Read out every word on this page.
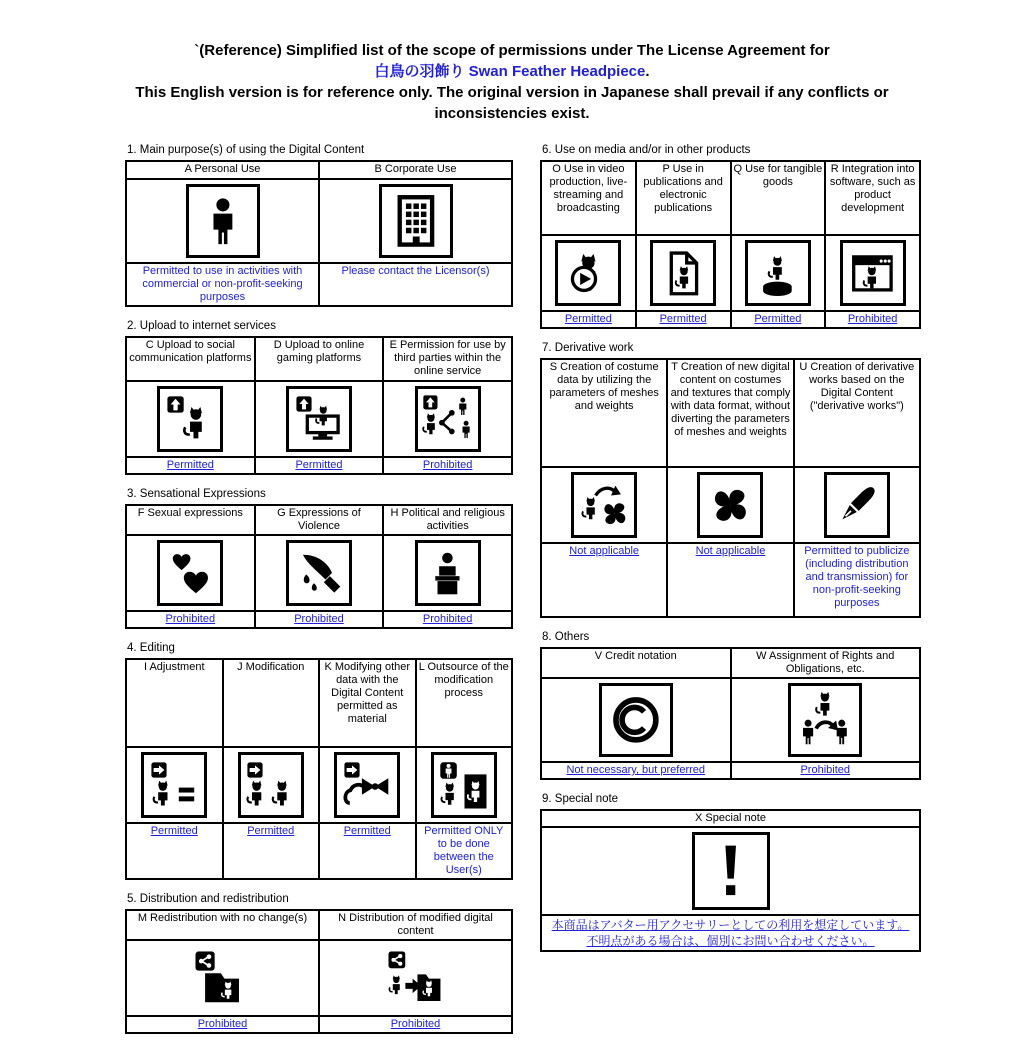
`(Reference) Simplified list of the scope of permissions under The License Agreement for
白鳥の羽飾り Swan Feather Headpiece.
This English version is for reference only. The original version in Japanese shall prevail if any conflicts or inconsistencies exist.
1. Main purpose(s) of using the Digital Content
A Personal Use	B Corporate Use

Permitted to use in activities with commercial or non-profit-seeking purposes	Please contact the Licensor(s)
2. Upload to internet services
C Upload to social communication platforms	D Upload to online gaming platforms	E Permission for use by third parties within the online service

Permitted	Permitted	Prohibited
3. Sensational Expressions
F Sexual expressions	G Expressions of Violence	H Political and religious activities

Prohibited	Prohibited	Prohibited
4. Editing
I Adjustment	J Modification	K Modifying other data with the Digital Content permitted as material	L Outsource of the modification process

Permitted	Permitted	Permitted	Permitted ONLY to be done between the User(s)
5. Distribution and redistribution
M Redistribution with no change(s)	N Distribution of modified digital content

Prohibited	Prohibited
6. Use on media and/or in other products
O Use in video production, live-streaming and broadcasting	P Use in publications and electronic publications	Q Use for tangible goods	R Integration into software, such as product development

Permitted	Permitted	Permitted	Prohibited
7. Derivative work
S Creation of costume data by utilizing the parameters of meshes and weights	T Creation of new digital content on costumes and textures that comply with data format, without diverting the parameters of meshes and weights	U Creation of derivative works based on the Digital Content ("derivative works")

Not applicable	Not applicable	Permitted to publicize (including distribution and transmission) for non-profit-seeking purposes
8. Others
V Credit notation	W Assignment of Rights and Obligations, etc.

Not necessary, but preferred	Prohibited
9. Special note
X Special note

本商品はアバター用アクセサリーとしての利用を想定しています。
不明点がある場合は、個別にお問い合わせください。
